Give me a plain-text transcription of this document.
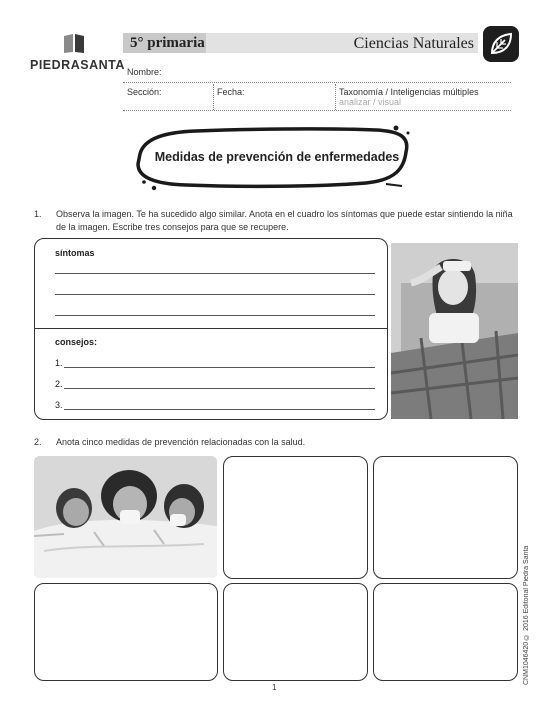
PIEDRASANTA
5° primaria	Ciencias Naturales
Nombre:
Sección:	Fecha:	Taxonomía / Inteligencias múltiples
analizar / visual
Medidas de prevención de enfermedades
1. Observa la imagen. Te ha sucedido algo similar. Anota en el cuadro los síntomas que puede estar sintiendo la niña de la imagen. Escribe tres consejos para que se recupere.
síntomas
consejos:
1.
2.
3.
2. Anota cinco medidas de prevención relacionadas con la salud.
CNM1046420 © 2016 Editorial Piedra Santa
1
